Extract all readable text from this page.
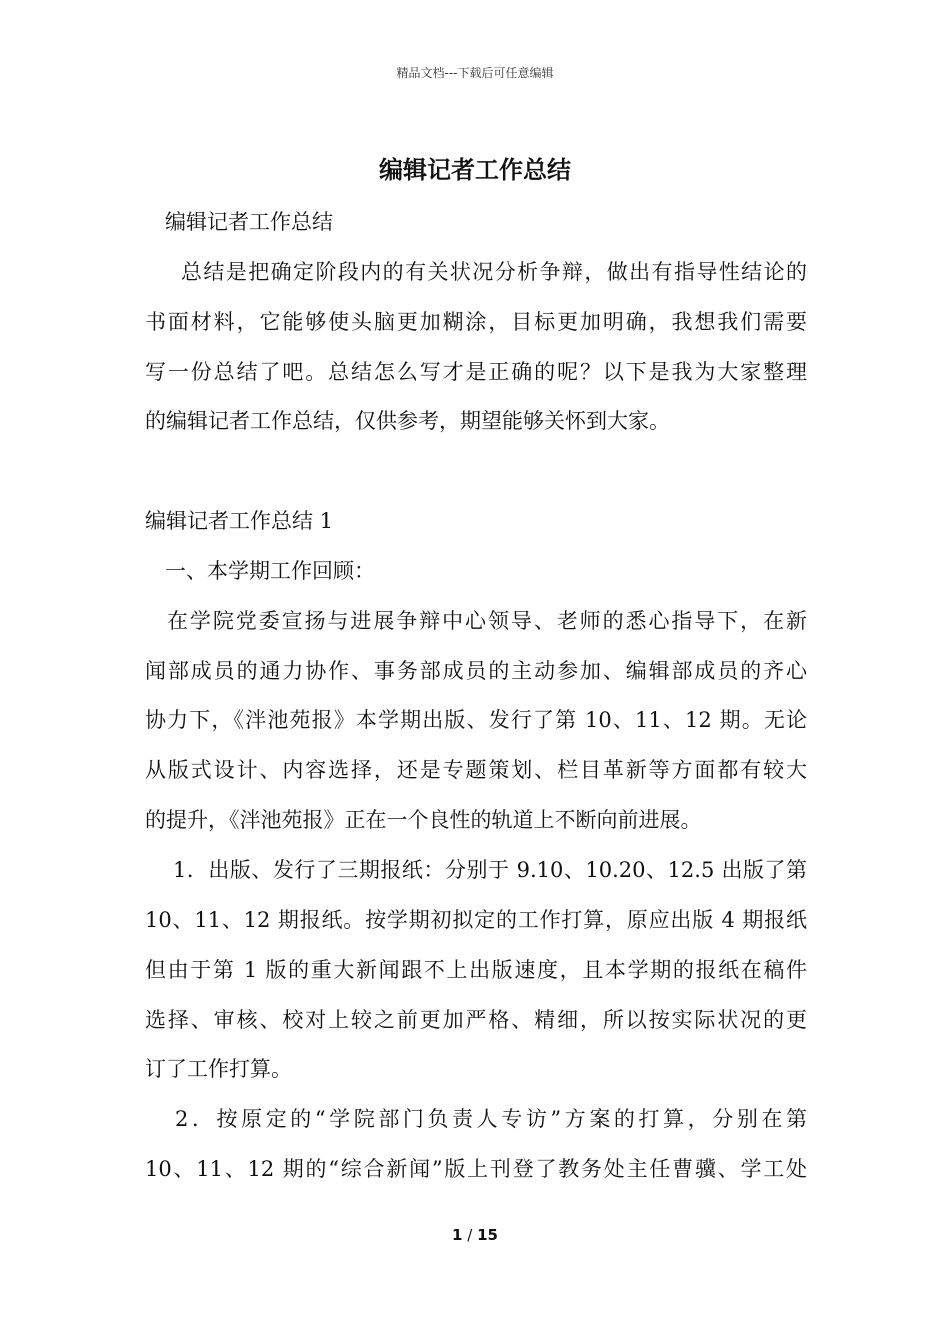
精品文档---下载后可任意编辑
编辑记者工作总结
编辑记者工作总结
总结是把确定阶段内的有关状况分析争辩，做出有指导性结论的
书面材料，它能够使头脑更加糊涂，目标更加明确，我想我们需要
写一份总结了吧。总结怎么写才是正确的呢？以下是我为大家整理
的编辑记者工作总结，仅供参考，期望能够关怀到大家。
编辑记者工作总结 1
一、本学期工作回顾：
在学院党委宣扬与进展争辩中心领导、老师的悉心指导下，在新
闻部成员的通力协作、事务部成员的主动参加、编辑部成员的齐心
协力下，《泮池苑报》本学期出版、发行了第 10、11、12 期。无论
从版式设计、内容选择，还是专题策划、栏目革新等方面都有较大
的提升，《泮池苑报》正在一个良性的轨道上不断向前进展。
1．出版、发行了三期报纸：分别于 9.10、10.20、12.5 出版了第
10、11、12 期报纸。按学期初拟定的工作打算，原应出版 4 期报纸
但由于第 1 版的重大新闻跟不上出版速度，且本学期的报纸在稿件
选择、审核、校对上较之前更加严格、精细，所以按实际状况的更
订了工作打算。
2．按原定的“学院部门负责人专访”方案的打算，分别在第
10、11、12 期的“综合新闻”版上刊登了教务处主任曹骥、学工处
1 / 15
